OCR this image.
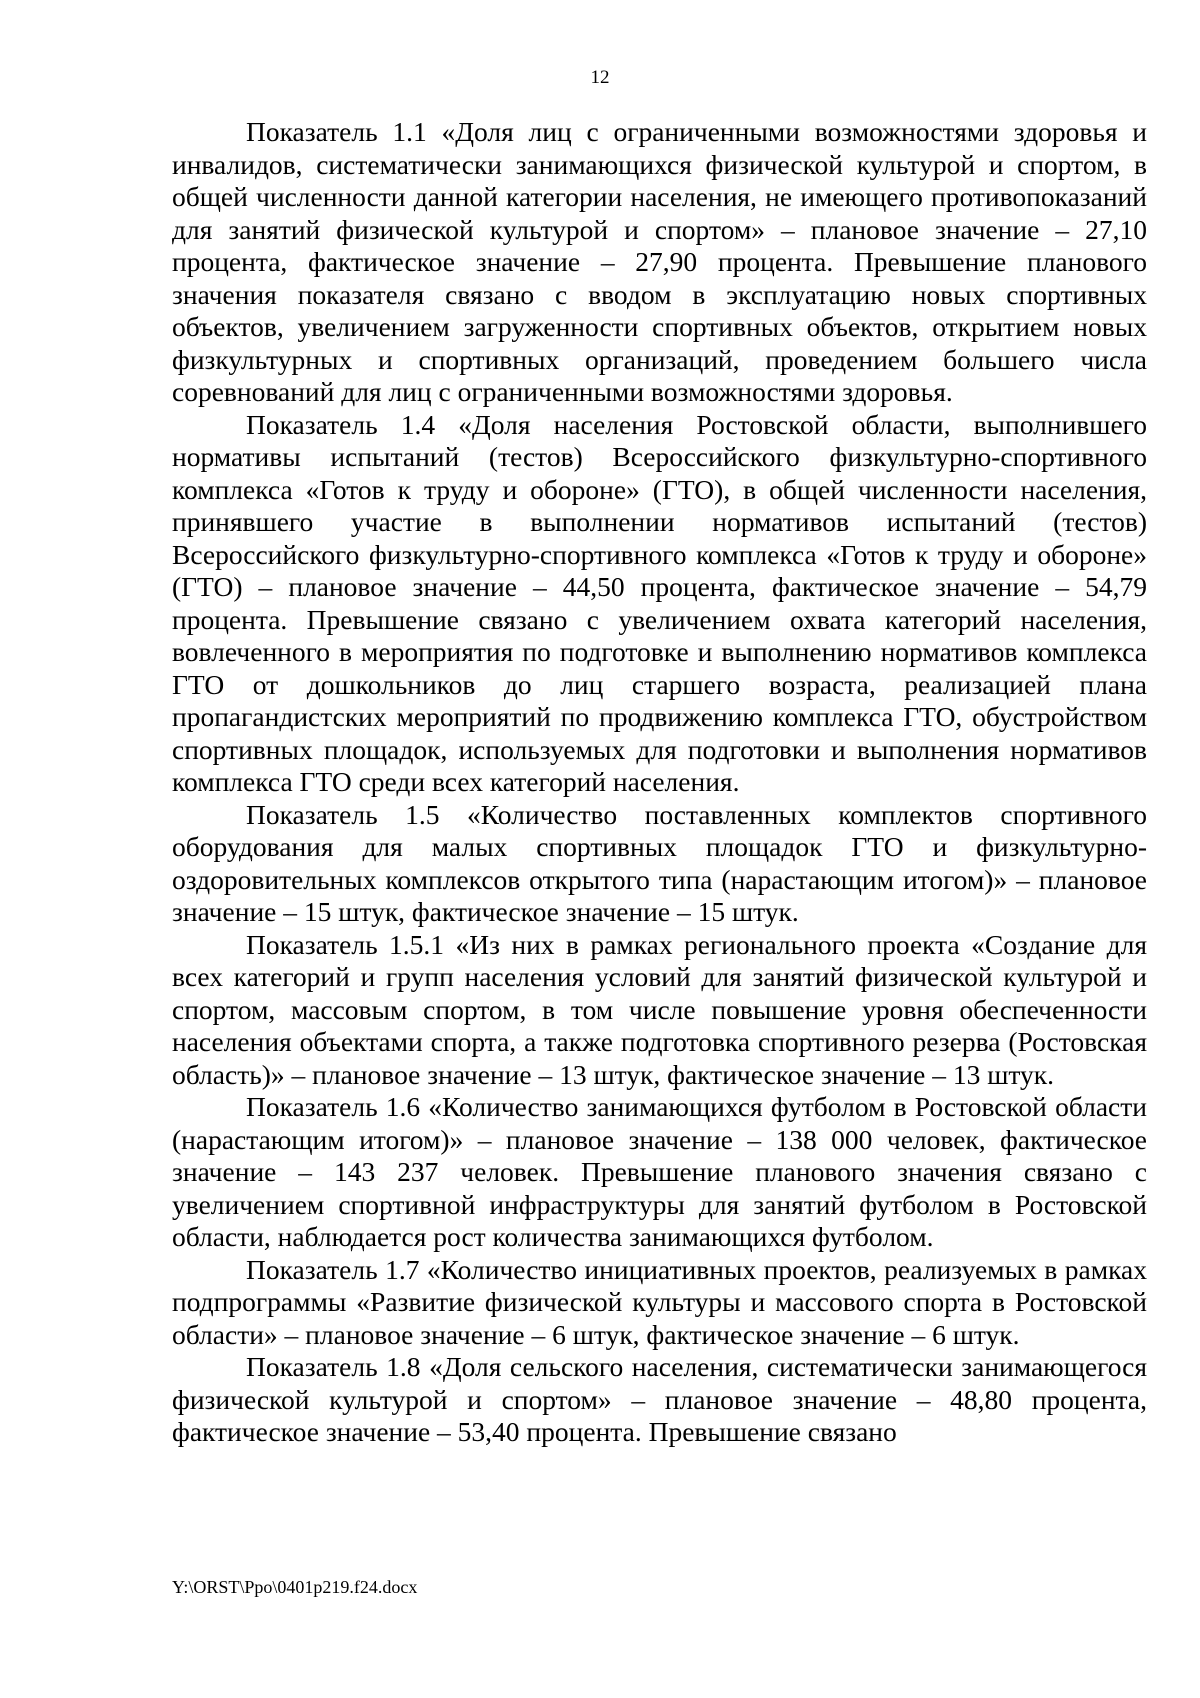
12

Показатель 1.1 «Доля лиц с ограниченными возможностями здоровья и инвалидов, систематически занимающихся физической культурой и спортом, в общей численности данной категории населения, не имеющего противопоказаний для занятий физической культурой и спортом» – плановое значение – 27,10 процента, фактическое значение – 27,90 процента. Превышение планового значения показателя связано с вводом в эксплуатацию новых спортивных объектов, увеличением загруженности спортивных объектов, открытием новых физкультурных и спортивных организаций, проведением большего числа соревнований для лиц с ограниченными возможностями здоровья.

Показатель 1.4 «Доля населения Ростовской области, выполнившего нормативы испытаний (тестов) Всероссийского физкультурно-спортивного комплекса «Готов к труду и обороне» (ГТО), в общей численности населения, принявшего участие в выполнении нормативов испытаний (тестов) Всероссийского физкультурно-спортивного комплекса «Готов к труду и обороне» (ГТО) – плановое значение – 44,50 процента, фактическое значение – 54,79 процента. Превышение связано с увеличением охвата категорий населения, вовлеченного в мероприятия по подготовке и выполнению нормативов комплекса ГТО от дошкольников до лиц старшего возраста, реализацией плана пропагандистских мероприятий по продвижению комплекса ГТО, обустройством спортивных площадок, используемых для подготовки и выполнения нормативов комплекса ГТО среди всех категорий населения.

Показатель 1.5 «Количество поставленных комплектов спортивного оборудования для малых спортивных площадок ГТО и физкультурно-оздоровительных комплексов открытого типа (нарастающим итогом)» – плановое значение – 15 штук, фактическое значение – 15 штук.

Показатель 1.5.1 «Из них в рамках регионального проекта «Создание для всех категорий и групп населения условий для занятий физической культурой и спортом, массовым спортом, в том числе повышение уровня обеспеченности населения объектами спорта, а также подготовка спортивного резерва (Ростовская область)» – плановое значение – 13 штук, фактическое значение – 13 штук.

Показатель 1.6 «Количество занимающихся футболом в Ростовской области (нарастающим итогом)» – плановое значение – 138 000 человек, фактическое значение – 143 237 человек. Превышение планового значения связано с увеличением спортивной инфраструктуры для занятий футболом в Ростовской области, наблюдается рост количества занимающихся футболом.

Показатель 1.7 «Количество инициативных проектов, реализуемых в рамках подпрограммы «Развитие физической культуры и массового спорта в Ростовской области» – плановое значение – 6 штук, фактическое значение – 6 штук.

Показатель 1.8 «Доля сельского населения, систематически занимающегося физической культурой и спортом» – плановое значение – 48,80 процента, фактическое значение – 53,40 процента. Превышение связано

Y:\ORST\Ppo\0401p219.f24.docx
